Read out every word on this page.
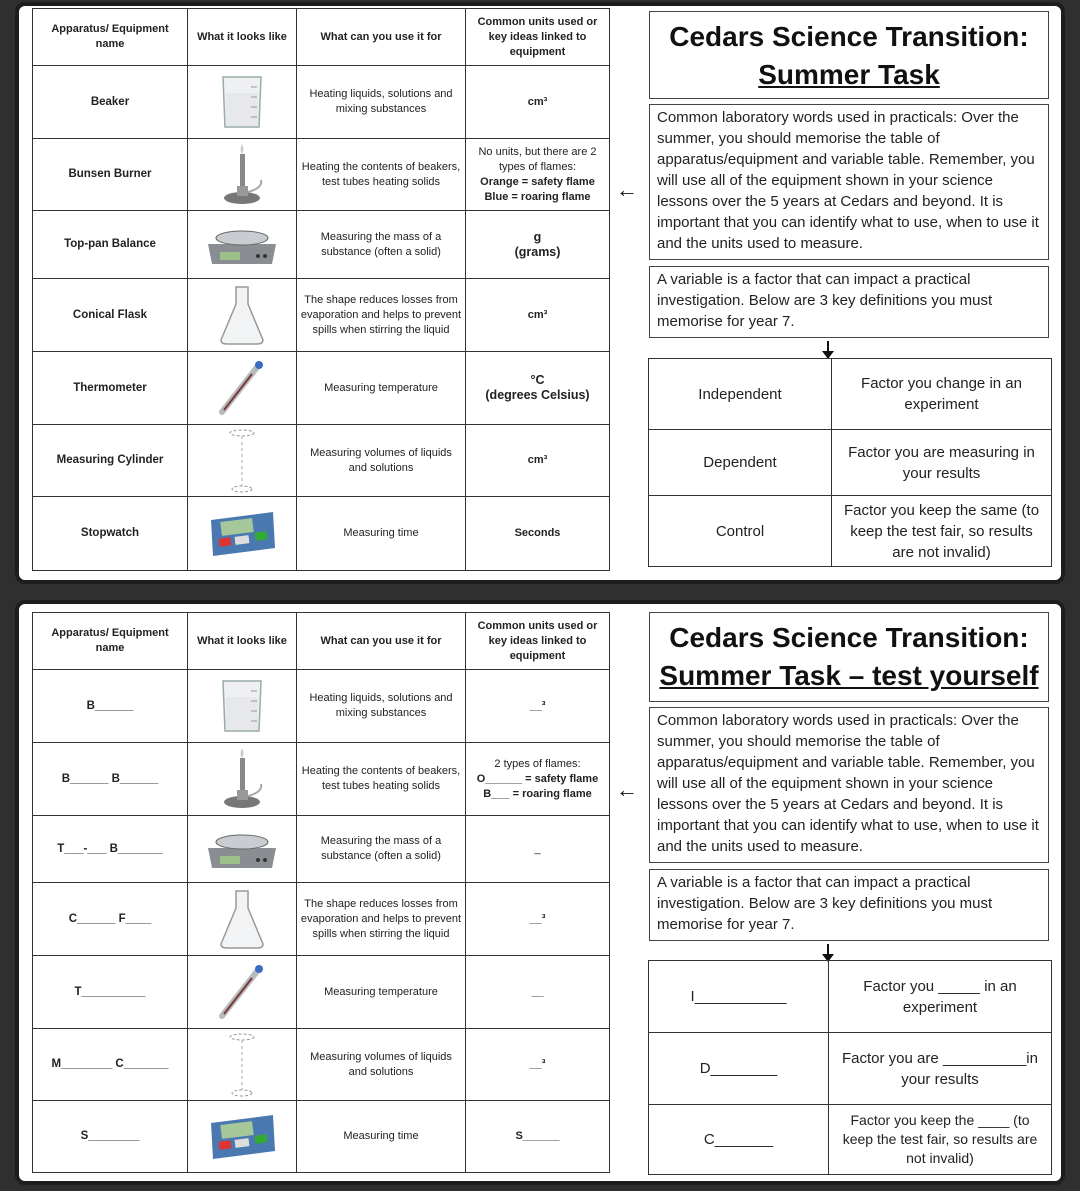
Apparatus/ Equipment name	What it looks like	What can you use it for	Common units used or key ideas linked to equipment
Beaker		Heating liquids, solutions and mixing substances	cm³
Bunsen Burner		Heating the contents of beakers, test tubes heating solids	No units, but there are 2 types of flames:
Orange = safety flame
Blue = roaring flame
Top-pan Balance		Measuring the mass of a substance (often a solid)	g
(grams)
Conical Flask		The shape reduces losses from evaporation and helps to prevent spills when stirring the liquid	cm³
Thermometer		Measuring temperature	°C
(degrees Celsius)
Measuring Cylinder		Measuring volumes of liquids and solutions	cm³
Stopwatch		Measuring time	Seconds
Cedars Science Transition:
Summer Task

Common laboratory words used in practicals: Over the summer, you should memorise the table of apparatus/equipment and variable table. Remember, you will use all of the equipment shown in your science lessons over the 5 years at Cedars and beyond. It is important that you can identify what to use, when to use it and the units used to measure.

←

A variable is a factor that can impact a practical investigation. Below are 3 key definitions you must memorise for year 7.

Independent	Factor you change in an experiment
Dependent	Factor you are measuring in your results
Control	Factor you keep the same (to keep the test fair, so results are not invalid)
Apparatus/ Equipment name	What it looks like	What can you use it for	Common units used or key ideas linked to equipment
B______		Heating liquids, solutions and mixing substances	__³
B______ B______		Heating the contents of beakers, test tubes heating solids	2 types of flames:
O______ = safety flame
B___ = roaring flame
T___-___ B_______		Measuring the mass of a substance (often a solid)	_
C______ F____		The shape reduces losses from evaporation and helps to prevent spills when stirring the liquid	__³
T__________		Measuring temperature	__
M________ C_______		Measuring volumes of liquids and solutions	__³
S________		Measuring time	S______
Cedars Science Transition:
Summer Task – test yourself

Common laboratory words used in practicals: Over the summer, you should memorise the table of apparatus/equipment and variable table. Remember, you will use all of the equipment shown in your science lessons over the 5 years at Cedars and beyond. It is important that you can identify what to use, when to use it and the units used to measure.

←

A variable is a factor that can impact a practical investigation. Below are 3 key definitions you must memorise for year 7.

I___________	Factor you _____ in an experiment
D________	Factor you are __________in your results
C_______	Factor you keep the ____ (to keep the test fair, so results are not invalid)
